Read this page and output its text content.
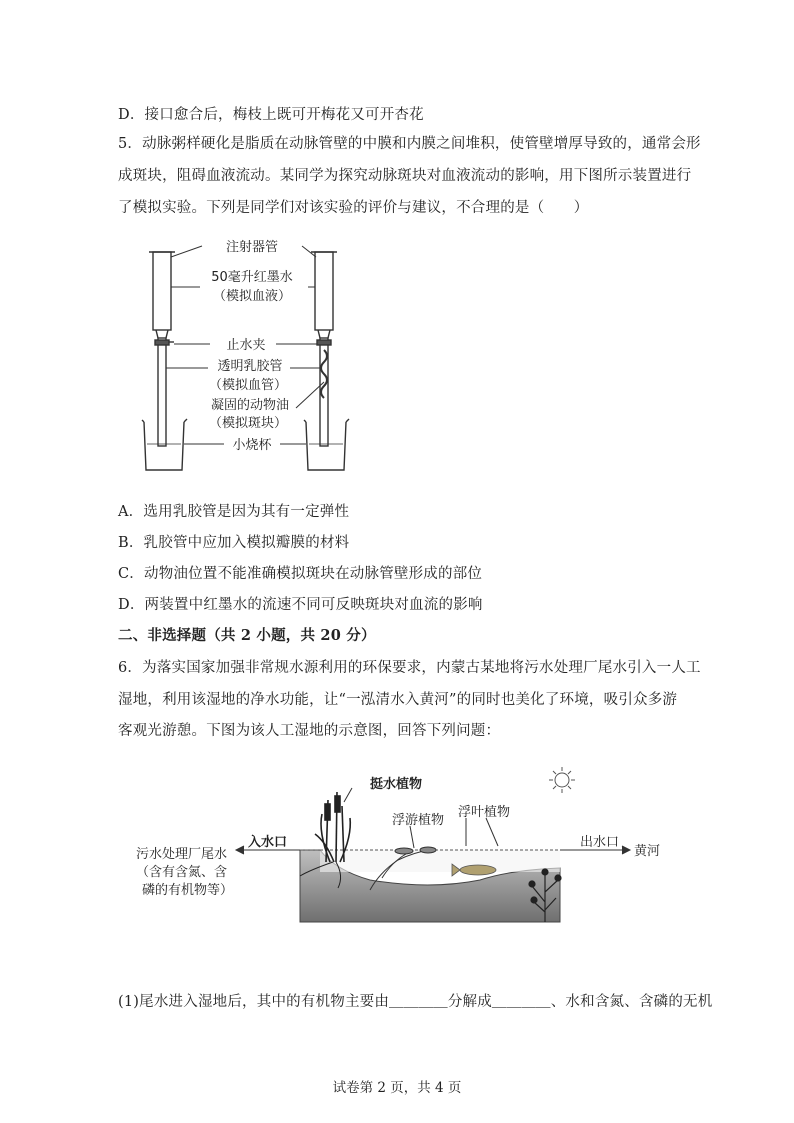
D．接口愈合后，梅枝上既可开梅花又可开杏花
5．动脉粥样硬化是脂质在动脉管壁的中膜和内膜之间堆积，使管壁增厚导致的，通常会形
成斑块，阻碍血液流动。某同学为探究动脉斑块对血液流动的影响，用下图所示装置进行
了模拟实验。下列是同学们对该实验的评价与建议，不合理的是（　　）
注射器管
50毫升红墨水
（模拟血液）
止水夹
透明乳胶管
（模拟血管）
凝固的动物油
（模拟斑块）
小烧杯
A．选用乳胶管是因为其有一定弹性
B．乳胶管中应加入模拟瓣膜的材料
C．动物油位置不能准确模拟斑块在动脉管壁形成的部位
D．两装置中红墨水的流速不同可反映斑块对血流的影响
二、非选择题（共 2 小题，共 20 分）
6．为落实国家加强非常规水源利用的环保要求，内蒙古某地将污水处理厂尾水引入一人工
湿地，利用该湿地的净水功能，让“一泓清水入黄河”的同时也美化了环境，吸引众多游
客观光游憩。下图为该人工湿地的示意图，回答下列问题：
挺水植物
浮游植物
浮叶植物
入水口	出水口
黄河
污水处理厂尾水
（含有含氮、含
磷的有机物等）
(1)尾水进入湿地后，其中的有机物主要由＿＿＿＿分解成＿＿＿＿、水和含氮、含磷的无机
试卷第 2 页，共 4 页
